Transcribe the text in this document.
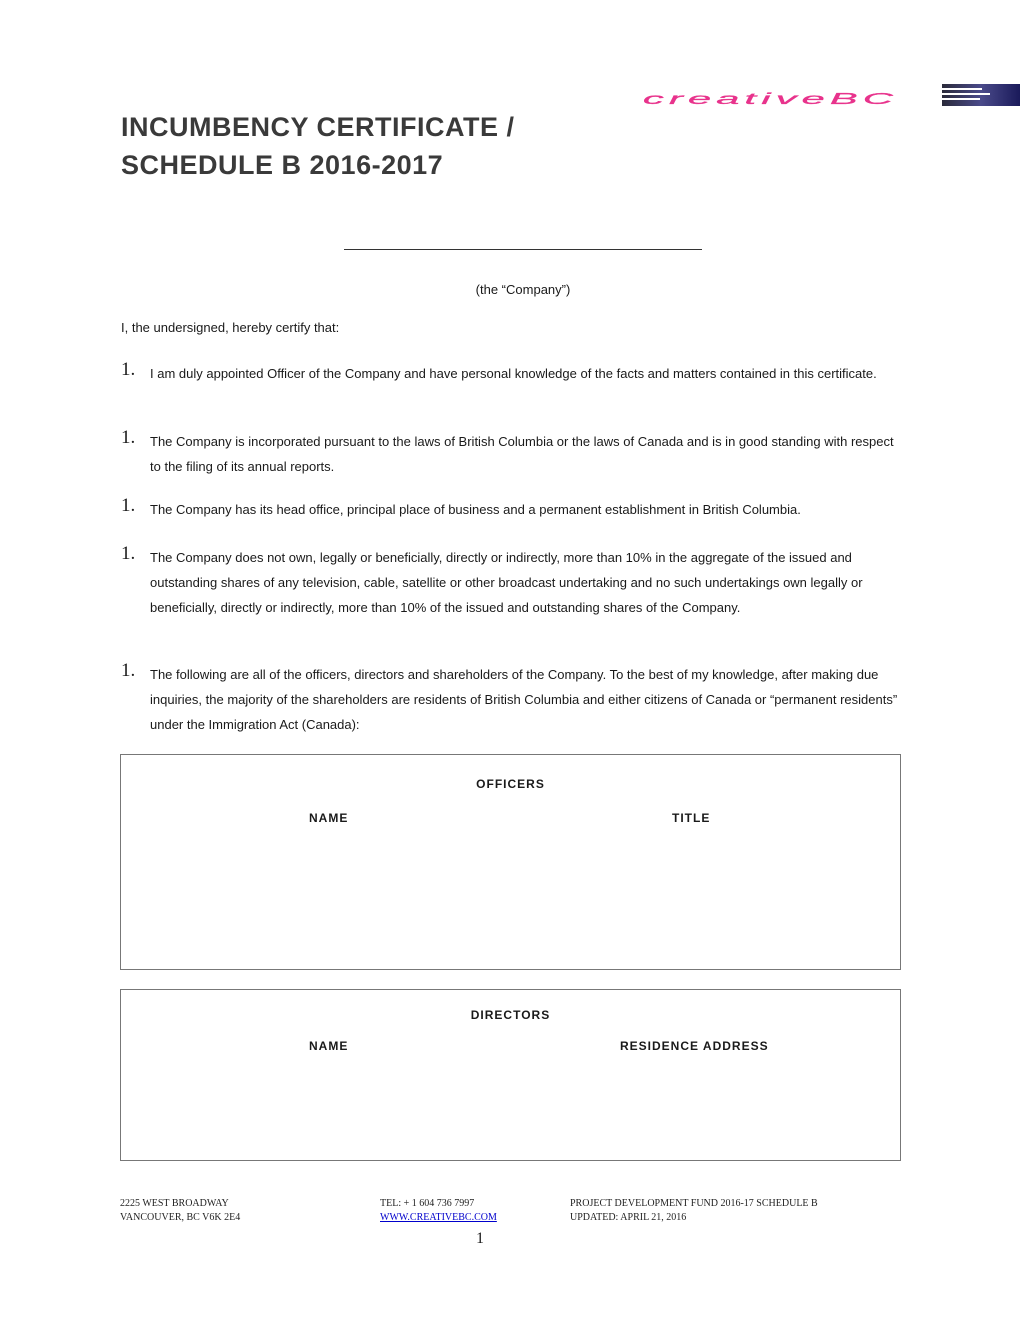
creativeBC
INCUMBENCY CERTIFICATE /
SCHEDULE B 2016-2017
(the “Company”)
I, the undersigned, hereby certify that:
1. I am duly appointed Officer of the Company and have personal knowledge of the facts and matters contained in this certificate.
1. The Company is incorporated pursuant to the laws of British Columbia or the laws of Canada and is in good standing with respect to the filing of its annual reports.
1. The Company has its head office, principal place of business and a permanent establishment in British Columbia.
1. The Company does not own, legally or beneficially, directly or indirectly, more than 10% in the aggregate of the issued and outstanding shares of any television, cable, satellite or other broadcast undertaking and no such undertakings own legally or beneficially, directly or indirectly, more than 10% of the issued and outstanding shares of the Company.
1. The following are all of the officers, directors and shareholders of the Company. To the best of my knowledge, after making due inquiries, the majority of the shareholders are residents of British Columbia and either citizens of Canada or “permanent residents” under the Immigration Act (Canada):
OFFICERS
NAME	TITLE
DIRECTORS
NAME	RESIDENCE ADDRESS
2225 WEST BROADWAY
VANCOUVER, BC V6K 2E4
TEL: + 1 604 736 7997
WWW.CREATIVEBC.COM
PROJECT DEVELOPMENT FUND 2016-17 SCHEDULE B
UPDATED: APRIL 21, 2016
1
